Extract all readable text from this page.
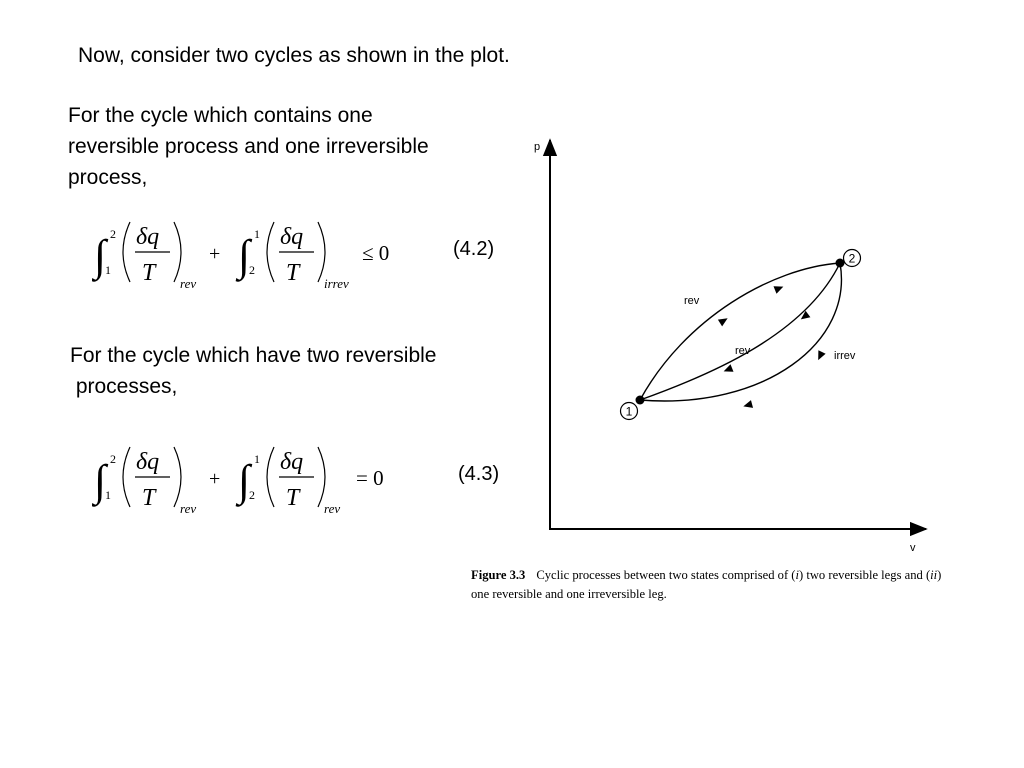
Now, consider two cycles as shown in the plot.
For the cycle which contains one
reversible process and one irreversible
process,
∫ 2
1
δq
T rev
+ ∫ 1
2
δq
T irrev
≤ 0	(4.2)
For the cycle which have two reversible
processes,
∫ 2
1
δq
T rev
+ ∫ 1
2
δq
T rev
= 0	(4.3)
p
v
1
2
rev
rev	irrev
Figure 3.3 Cyclic processes between two states comprised of (i) two reversible legs and (ii)
one reversible and one irreversible leg.
